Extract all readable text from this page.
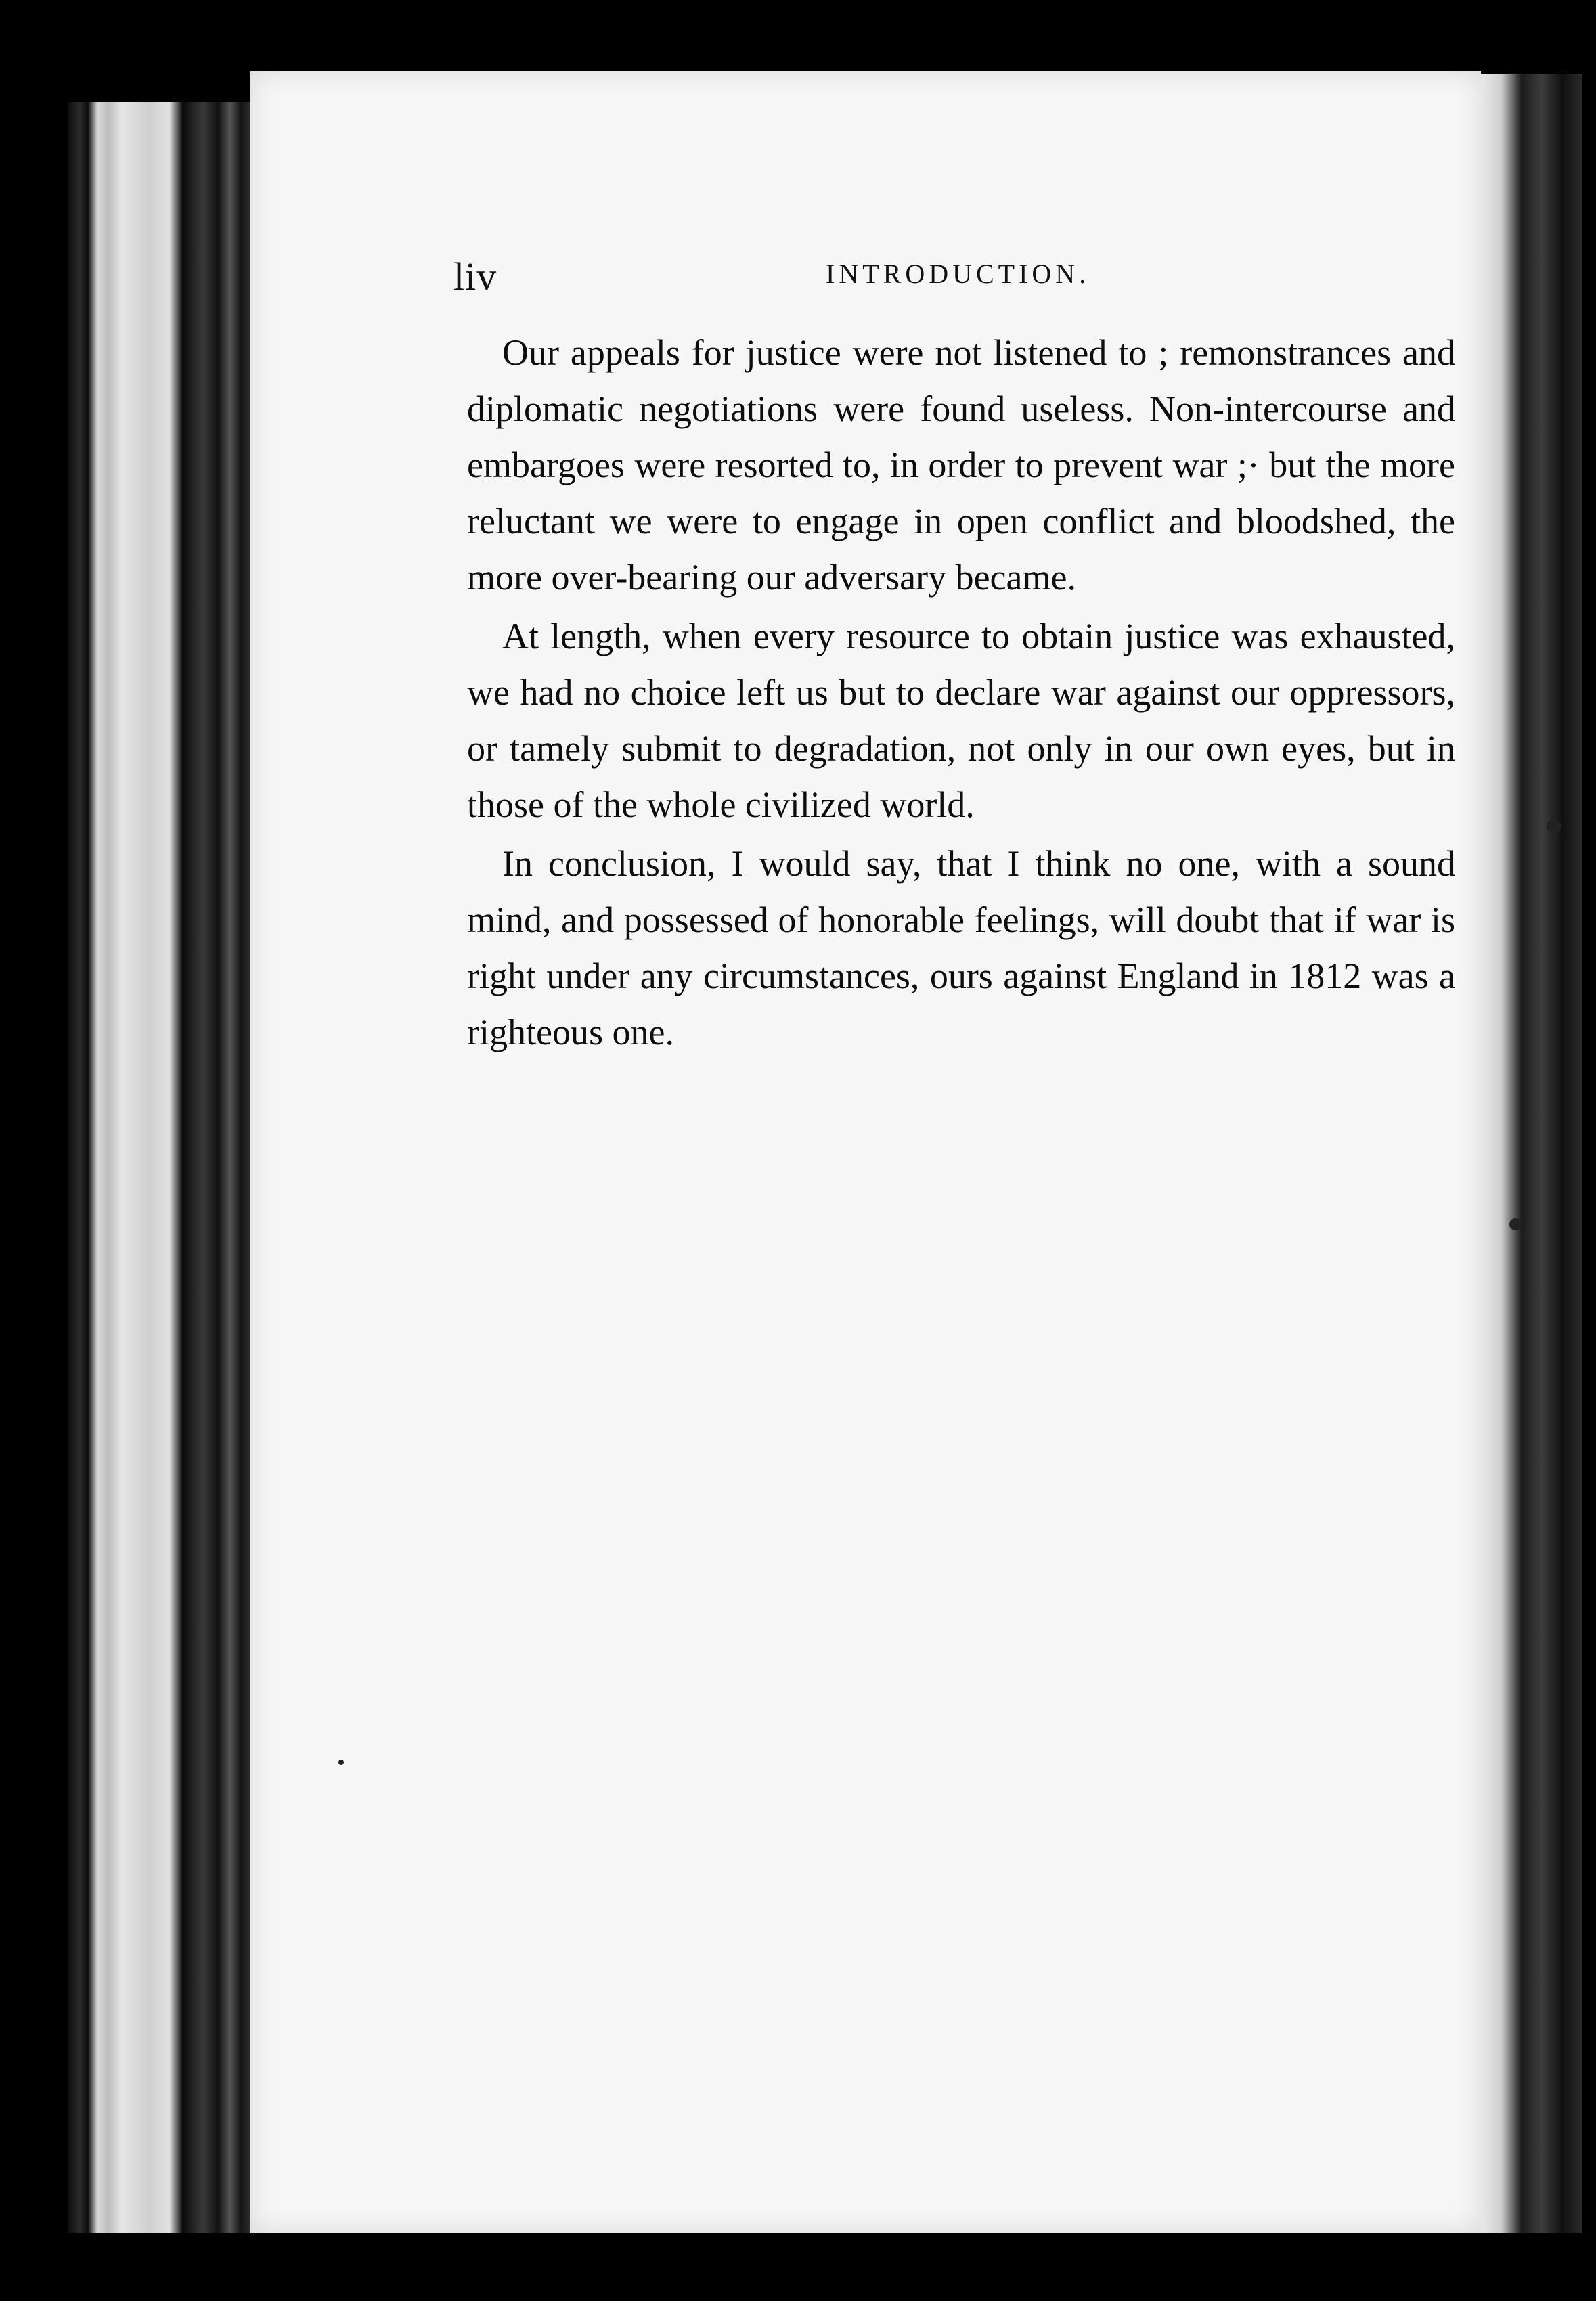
liv	INTRODUCTION.

Our appeals for justice were not listened to ; remonstrances and diplomatic negotiations were found useless. Non-intercourse and embargoes were resorted to, in order to prevent war ;· but the more reluctant we were to engage in open conflict and bloodshed, the more over-bearing our adversary became.

At length, when every resource to obtain justice was exhausted, we had no choice left us but to declare war against our oppressors, or tamely submit to degradation, not only in our own eyes, but in those of the whole civilized world.

In conclusion, I would say, that I think no one, with a sound mind, and possessed of honorable feelings, will doubt that if war is right under any circumstances, ours against England in 1812 was a righteous one.
